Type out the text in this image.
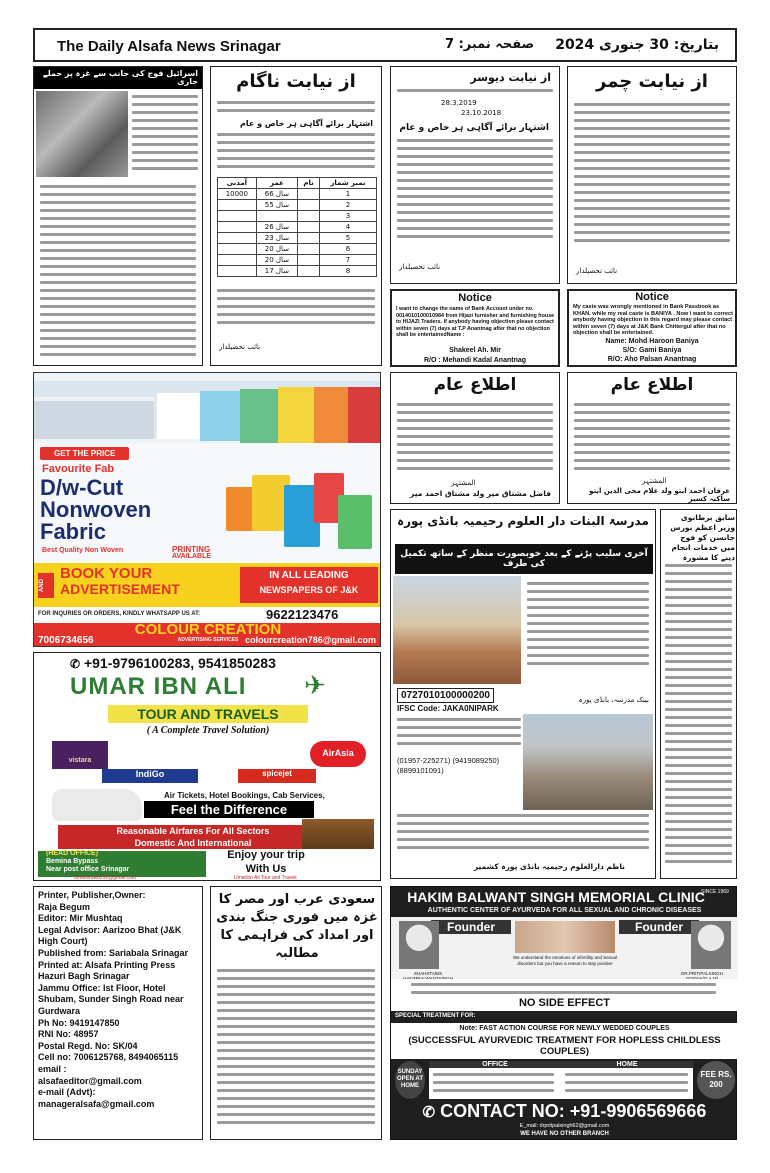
The Daily Alsafa News Srinagar	صفحہ نمبر: 7 بتاریخ: 30 جنوری 2024
اسرائیل فوج کی جانب سے غزہ پر حملے جاری	از نیابت ناگام
اشتہار برائے آگاہی ہر خاص و عام
آمدنی	عمر	نام	نمبر شمار
10000	66 سال		1
	55 سال		2
			3
	26 سال		4
	23 سال		5
	20 سال		6
	20 سال		7
	17 سال		8
نائب تحصیلدار
از نیابت دیوسر
28.3.2019
23.10.2018
اشتہار برائے آگاہی ہر خاص و عام
نائب تحصیلدار
از نیابت چمر
نائب تحصیلدار
Notice
I want to change the name of Bank Account under no. 0014010100010984 from Hijazi furnisher and furnishing house to HIJAZI Traders. If anybody having objection please contact within seven (7) days at T.P Anantnag after that no objection shall be entertainedName :
Shakeel Ah. Mir
R/O : Mehandi Kadal Anantnag
Notice
My caste was wrongly mentioned in Bank Passbook as KHAN. while my real caste is BANIYA . Now i want to correct anybody having objection in this regard may please contact within seven (7) days at J&K Bank Chittergul after that no objection shall be entertained.
Name: Mohd Haroon Baniya
S/O: Gami Baniya
R/O: Aho Palsan Anantnag
GET THE PRICE
Favourite Fab
D/w-Cut
Nonwoven
Fabric
Best Quality Non Woven	PRINTING
AVAILABLE
AND
BOOK YOUR
ADVERTISEMENT
IN ALL LEADING
NEWSPAPERS OF J&K
FOR INQURIES OR ORDERS, KINDLY WHATSAPP US AT:	9622123476
COLOUR CREATION
ADVERTISING SERVICES
7006734656	colourcreation786@gmail.com
اطلاع عام
المشتہر
فاضل مشتاق میر ولد مشتاق احمد میر
اطلاع عام
المشتہر
عرفان احمد ایتو ولد غلام محی الدین ایتو ساکنہ کسیر
مدرسۃ البنات دار العلوم رحیمیہ بانڈی پورہ
آخری سلیب پڑنے کے بعد خوبصورت منظر کے ساتھ تکمیل کی طرف
0727010100000200
IFSC Code: JAKA0NIPARK
بینک مدرسہ، بانڈی پورہ
(01957-225271) (9419089250) (8899101091)
ناظم دارالعلوم رحیمیہ بانڈی پورہ کشمیر
سابق برطانوی وزیر اعظم بورس جانسن کو فوج میں خدمات انجام دینے کا مشورہ
✆ +91-9796100283, 9541850283
UMAR IBN ALI ✈
TOUR AND TRAVELS
( A Complete Travel Solution)
vistara
AirAsia
IndiGo	spicejet
Air Tickets, Hotel Bookings, Cab Services,
Feel the Difference
Reasonable Airfares For All Sectors
Domestic And International
(HEAD OFFICE)
Bemina Bypass
Near post office Srinagar
Enjoy your trip
With Us
umaribnali0291@gmail.com	Umaribn Ali Tour and Travek
Printer, Publisher,Owner:
Raja Begum
Editor: Mir Mushtaq
Legal Advisor: Aarizoo Bhat (J&K High Court)
Published from: Sariabala Srinagar
Printed at: Alsafa Printing Press Hazuri Bagh Srinagar
Jammu Office: Ist Floor, Hotel Shubam, Sunder Singh Road near Gurdwara
Ph No: 9419147850
RNI No: 48957
Postal Regd. No: SK/04
Cell no: 7006125768, 8494065115
email :
alsafaeditor@gmail.com
e-mail (Advt):
manageralsafa@gmail.com
سعودی عرب اور مصر کا غزہ میں فوری جنگ بندی اور امداد کی فراہمی کا مطالبہ
HAKIM BALWANT SINGH MEMORIAL CLINIC
SINCE 1969
AUTHENTIC CENTER OF AYURVEDA FOR ALL SEXUAL AND CHRONIC DISEASES
Founder	Founder
SHAHSTABIS	DR.PRITIPALSINGH
We understand the emotions of infertility and Sexual disorders but you have a reason to stay positive
NO SIDE EFFECT
SPECIAL TREATMENT FOR:
Note: FAST ACTION COURSE FOR NEWLY WEDDED COUPLES
(SUCCESSFUL AYURVEDIC TREATMENT FOR HOPLESS CHILDLESS COUPLES)
SUNDAY OPEN AT HOME
OFFICE	HOME
FEE RS. 200
✆ CONTACT NO: +91-9906569666
E_mail: drpritpalsingh62@gmail.com
WE HAVE NO OTHER BRANCH
